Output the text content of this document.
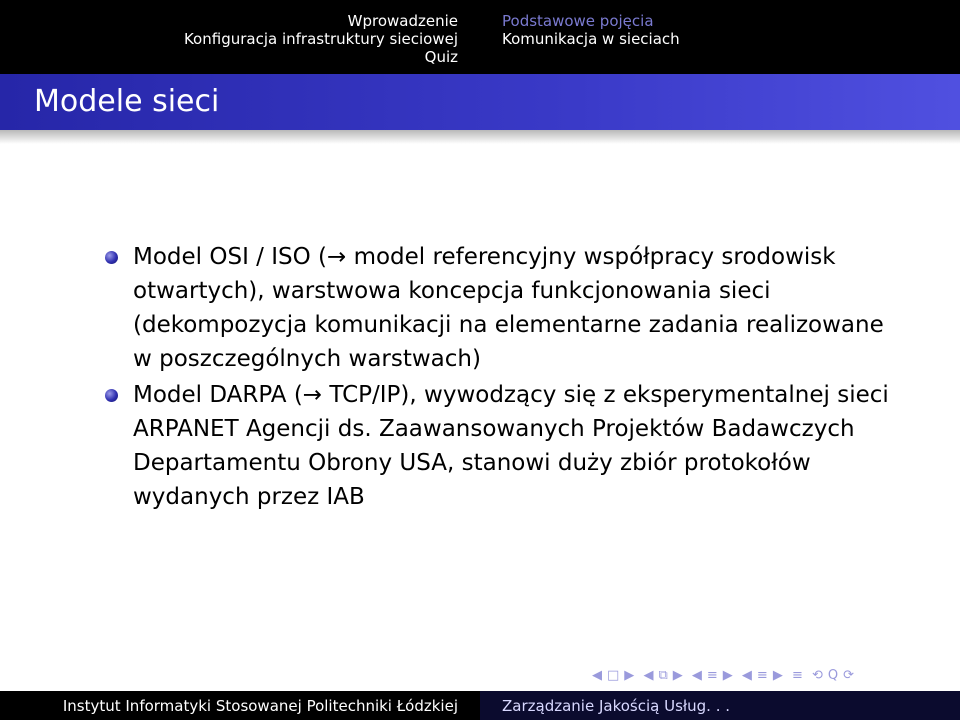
Wprowadzenie
Konfiguracja infrastruktury sieciowej
Quiz
Podstawowe pojęcia
Komunikacja w sieciach
Modele sieci
Model OSI / ISO (→ model referencyjny współpracy srodowisk otwartych), warstwowa koncepcja funkcjonowania sieci (dekompozycja komunikacji na elementarne zadania realizowane w poszczególnych warstwach)
Model DARPA (→ TCP/IP), wywodzący się z eksperymentalnej sieci ARPANET Agencji ds. Zaawansowanych Projektów Badawczych Departamentu Obrony USA, stanowi duży zbiór protokołów wydanych przez IAB
◀ □ ▶ ◀ ⧉ ▶ ◀ ≡ ▶ ◀ ≡ ▶ ≡ ⟲ Q ⟳
Instytut Informatyki Stosowanej Politechniki Łódzkiej	Zarządzanie Jakością Usług. . .
